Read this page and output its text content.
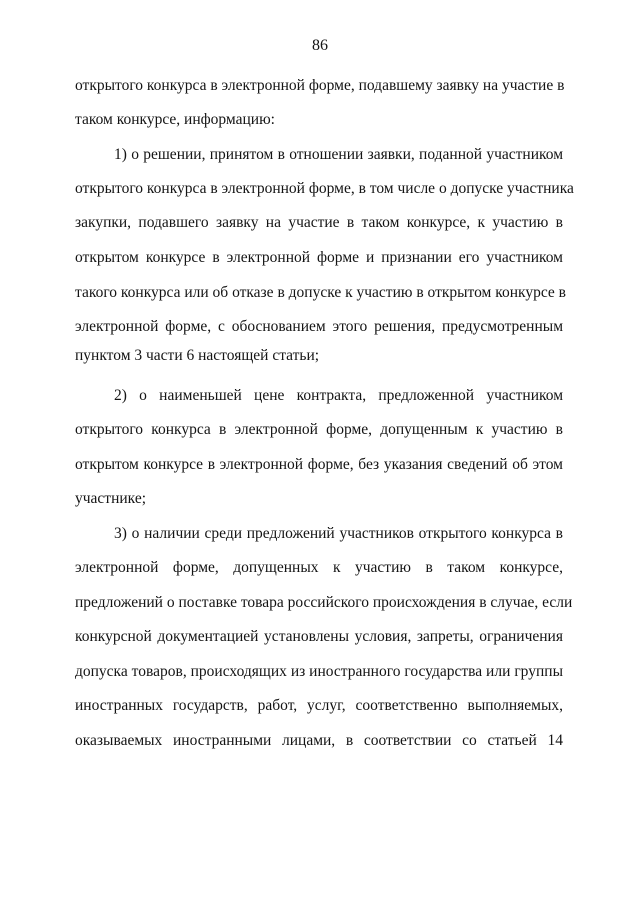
86
открытого конкурса в электронной форме, подавшему заявку на участие в
таком конкурсе, информацию:
1) о решении, принятом в отношении заявки, поданной участником
открытого конкурса в электронной форме, в том числе о допуске участника
закупки, подавшего заявку на участие в таком конкурсе, к участию в
открытом конкурсе в электронной форме и признании его участником
такого конкурса или об отказе в допуске к участию в открытом конкурсе в
электронной форме, с обоснованием этого решения, предусмотренным
пунктом 3 части 6 настоящей статьи;
2) о наименьшей цене контракта, предложенной участником
открытого конкурса в электронной форме, допущенным к участию в
открытом конкурсе в электронной форме, без указания сведений об этом
участнике;
3) о наличии среди предложений участников открытого конкурса в
электронной форме, допущенных к участию в таком конкурсе,
предложений о поставке товара российского происхождения в случае, если
конкурсной документацией установлены условия, запреты, ограничения
допуска товаров, происходящих из иностранного государства или группы
иностранных государств, работ, услуг, соответственно выполняемых,
оказываемых иностранными лицами, в соответствии со статьей 14
